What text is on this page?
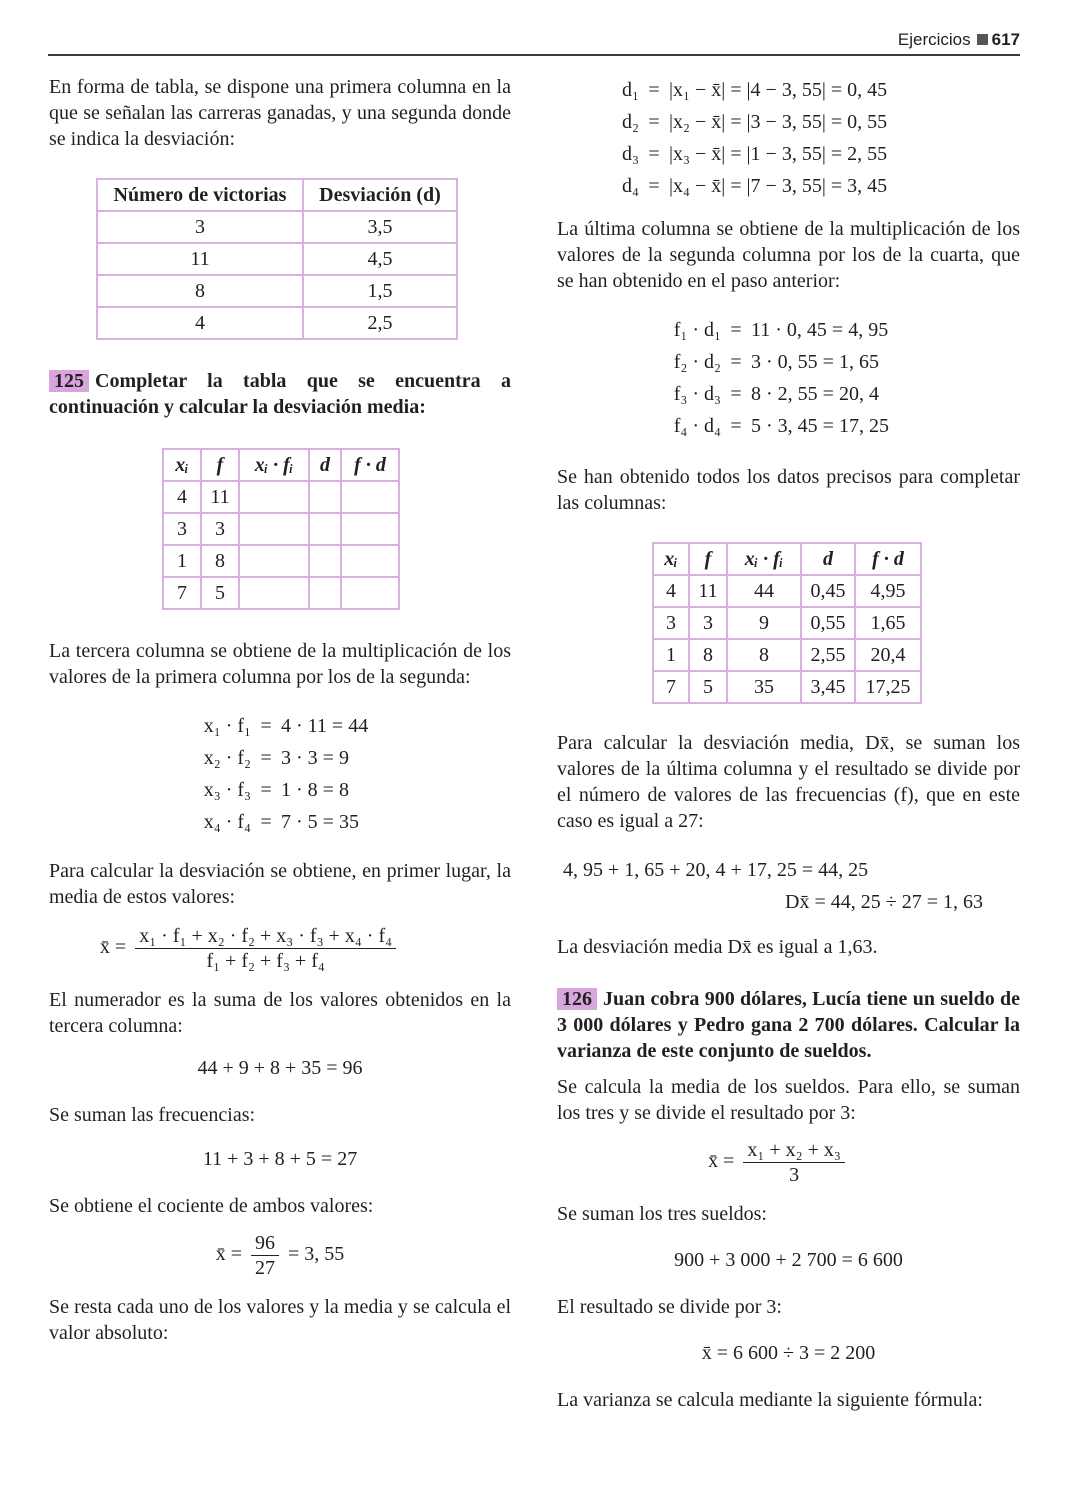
Ejercicios 617

En forma de tabla, se dispone una primera columna en la que se señalan las carreras ganadas, y una segunda donde se indica la desviación:

Número de victorias	Desviación (d)
3	3,5
11	4,5
8	1,5
4	2,5
125 Completar la tabla que se encuentra a continuación y calcular la desviación media:
xᵢ	f	xᵢ · fᵢ	d	f · d
4	11			
3	3			
1	8			
7	5			

La tercera columna se obtiene de la multiplicación de los valores de la primera columna por los de la segunda:

x₁ · f₁ = 4 · 11 = 44
x₂ · f₂ = 3 · 3 = 9
x₃ · f₃ = 1 · 8 = 8
x₄ · f₄ = 7 · 5 = 35

Para calcular la desviación se obtiene, en primer lugar, la media de estos valores:

x̄ = $\frac{\text{x₁ · f₁ + x₂ · f₂ + x₃ · f₃ + x₄ · f₄}}{\text{f₁ + f₂ + f₃ + f₄}}$

El numerador es la suma de los valores obtenidos en la tercera columna:

44 + 9 + 8 + 35 = 96

Se suman las frecuencias:

11 + 3 + 8 + 5 = 27

Se obtiene el cociente de ambos valores:

x̄ = $\frac{96}{27} = 3$, 55

Se resta cada uno de los valores y la media y se calcula el valor absoluto:

d₁ = |x₁ − x̄| = |4 − 3, 55| = 0, 45
d₂ = |x₂ − x̄| = |3 − 3, 55| = 0, 55
d₃ = |x₃ − x̄| = |1 − 3, 55| = 2, 55
d₄ = |x₄ − x̄| = |7 − 3, 55| = 3, 45

La última columna se obtiene de la multiplicación de los valores de la segunda columna por los de la cuarta, que se han obtenido en el paso anterior:

f₁ · d₁ = 11 · 0, 45 = 4, 95
f₂ · d₂ = 3 · 0, 55 = 1, 65
f₃ · d₃ = 8 · 2, 55 = 20, 4
f₄ · d₄ = 5 · 3, 45 = 17, 25

Se han obtenido todos los datos precisos para completar las columnas:

xᵢ	f	xᵢ · fᵢ	d	f · d
4	11	44	0,45	4,95
3	3	9	0,55	1,65
1	8	8	2,55	20,4
7	5	35	3,45	17,25

Para calcular la desviación media, Dx̄, se suman los valores de la última columna y el resultado se divide por el número de valores de las frecuencias (f), que en este caso es igual a 27:

4, 95 + 1, 65 + 20, 4 + 17, 25 = 44, 25
Dx̄ = 44, 25 ÷ 27 = 1, 63

La desviación media Dx̄ es igual a 1,63.

126 Juan cobra 900 dólares, Lucía tiene un sueldo de 3 000 dólares y Pedro gana 2 700 dólares. Calcular la varianza de este conjunto de sueldos.

Se calcula la media de los sueldos. Para ello, se suman los tres y se divide el resultado por 3:

x̄ = $\frac{\text{x₁ + x₂ + x₃}}{3}$

Se suman los tres sueldos:

900 + 3 000 + 2 700 = 6 600

El resultado se divide por 3:

x̄ = 6 600 ÷ 3 = 2 200

La varianza se calcula mediante la siguiente fórmula:
